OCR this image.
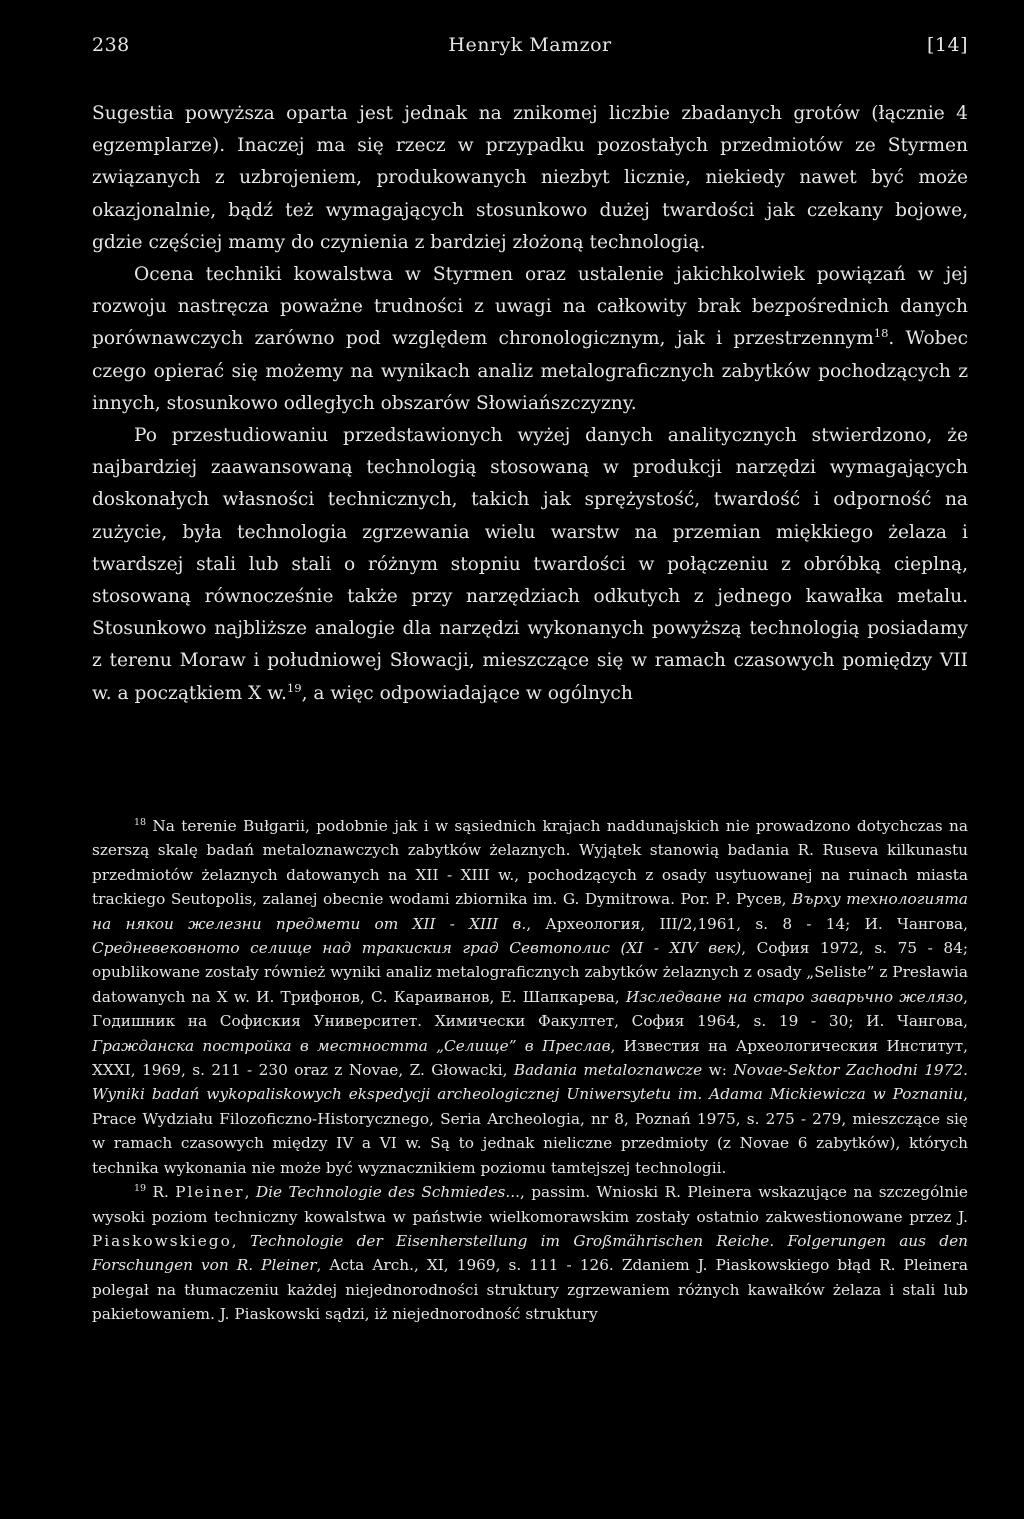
238	Henryk Mamzor	[14]

Sugestia powyższa oparta jest jednak na znikomej liczbie zbadanych grotów (łącznie 4 egzemplarze). Inaczej ma się rzecz w przypadku pozostałych przedmiotów ze Styrmen związanych z uzbrojeniem, produkowanych niezbyt licznie, niekiedy nawet być może okazjonalnie, bądź też wymagających stosunkowo dużej twardości jak czekany bojowe, gdzie częściej mamy do czynienia z bardziej złożoną technologią.

Ocena techniki kowalstwa w Styrmen oraz ustalenie jakichkolwiek powiązań w jej rozwoju nastręcza poważne trudności z uwagi na całkowity brak bezpośrednich danych porównawczych zarówno pod względem chronologicznym, jak i przestrzennym$^{18}$. Wobec czego opierać się możemy na wynikach analiz metalograficznych zabytków pochodzących z innych, stosunkowo odległych obszarów Słowiańszczyzny.

Po przestudiowaniu przedstawionych wyżej danych analitycznych stwierdzono, że najbardziej zaawansowaną technologią stosowaną w produkcji narzędzi wymagających doskonałych własności technicznych, takich jak sprężystość, twardość i odporność na zużycie, była technologia zgrzewania wielu warstw na przemian miękkiego żelaza i twardszej stali lub stali o różnym stopniu twardości w połączeniu z obróbką cieplną, stosowaną równocześnie także przy narzędziach odkutych z jednego kawałka metalu. Stosunkowo najbliższe analogie dla narzędzi wykonanych powyższą technologią posiadamy z terenu Moraw i południowej Słowacji, mieszczące się w ramach czasowych pomiędzy VII w. a początkiem X w.$^{19}$, a więc odpowiadające w ogólnych

$^{18}$ Na terenie Bułgarii, podobnie jak i w sąsiednich krajach naddunajskich nie prowadzono dotychczas na szerszą skalę badań metaloznawczych zabytków żelaznych. Wyjątek stanowią badania R. Ruseva kilkunastu przedmiotów żelaznych datowanych na XII - XIII w., pochodzących z osady usytuowanej na ruinach miasta trackiego Seutopolis, zalanej obecnie wodami zbiornika im. G. Dymitrowa. Por. Р. Русев, Върху технологията на някои железни предмети от XII - XIII в., Археология, III/2,1961, s. 8 - 14; И. Чангова, Средневековното селище над тракиския град Севтополис (XI - XIV век), София 1972, s. 75 - 84; opublikowane zostały również wyniki analiz metalograficznych zabytków żelaznych z osady „Seliste” z Presławia datowanych na X w. И. Трифонов, С. Караиванов, Е. Шапкарева, Изследване на старо заварьчно желязо, Годишник на Софиския Университет. Химически Факултет, София 1964, s. 19 - 30; И. Чангова, Гражданска постройка в местността „Селище” в Преслав, Известия на Археологическия Институт, XXXI, 1969, s. 211 - 230 oraz z Novae, Z. Głowacki, Badania metaloznawcze w: Novae-Sektor Zachodni 1972. Wyniki badań wykopaliskowych ekspedycji archeologicznej Uniwersytetu im. Adama Mickiewicza w Poznaniu, Prace Wydziału Filozoficzno-Historycznego, Seria Archeologia, nr 8, Poznań 1975, s. 275 - 279, mieszczące się w ramach czasowych między IV a VI w. Są to jednak nieliczne przedmioty (z Novae 6 zabytków), których technika wykonania nie może być wyznacznikiem poziomu tamtejszej technologii.

$^{19}$ R. Pleiner, Die Technologie des Schmiedes..., passim. Wnioski R. Pleinera wskazujące na szczególnie wysoki poziom techniczny kowalstwa w państwie wielkomorawskim zostały ostatnio zakwestionowane przez J. Piaskowskiego, Technologie der Eisenherstellung im Großmährischen Reiche. Folgerungen aus den Forschungen von R. Pleiner, Acta Arch., XI, 1969, s. 111 - 126. Zdaniem J. Piaskowskiego błąd R. Pleinera polegał na tłumaczeniu każdej niejednorodności struktury zgrzewaniem różnych kawałków żelaza i stali lub pakietowaniem. J. Piaskowski sądzi, iż niejednorodność struktury
